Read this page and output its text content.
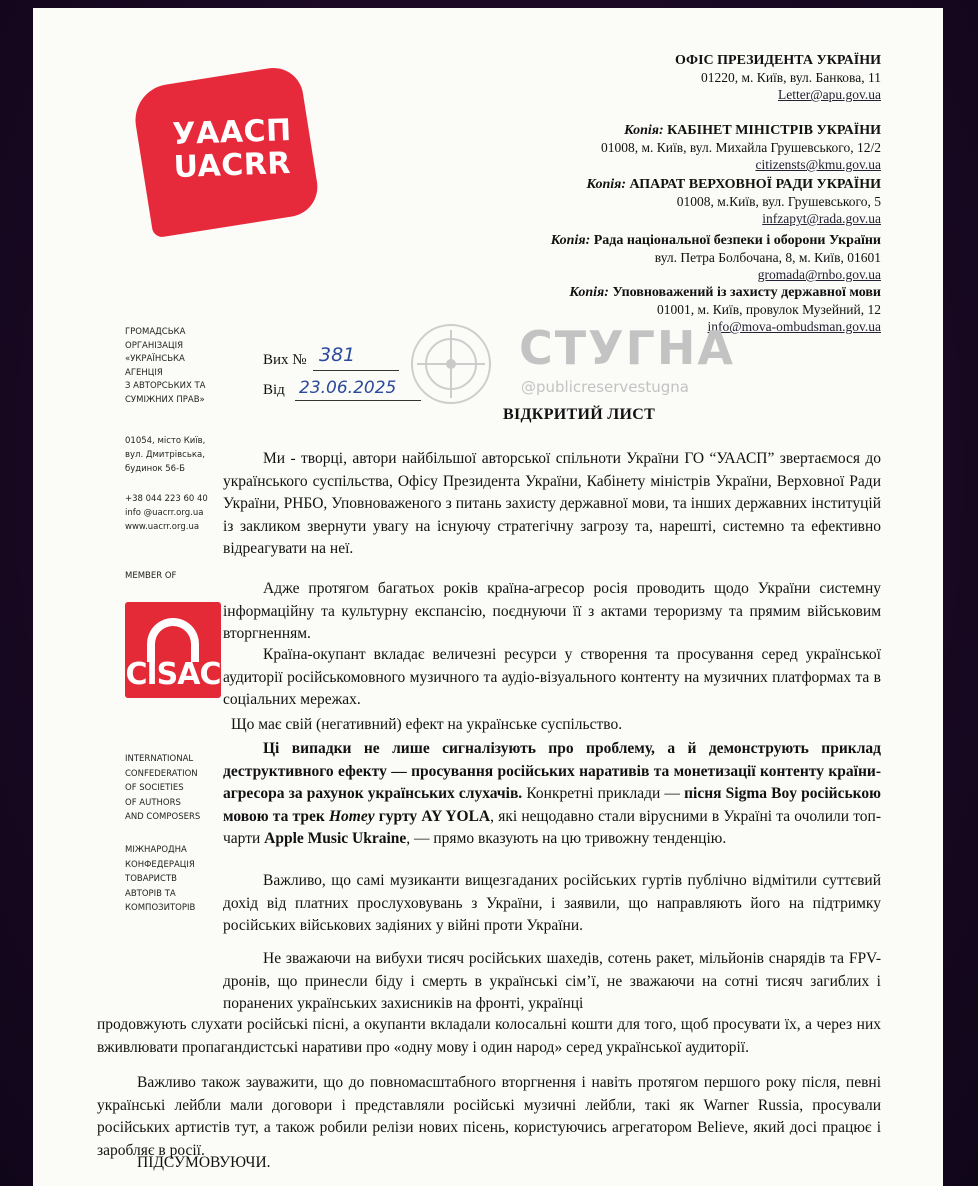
УААСП
UACRR

ОФІС ПРЕЗИДЕНТА УКРАЇНИ

01220, м. Київ, вул. Банкова, 11

Letter@apu.gov.ua

Копія: КАБІНЕТ МІНІСТРІВ УКРАЇНИ

01008, м. Київ, вул. Михайла Грушевського, 12/2

citizensts@kmu.gov.ua

Копія: АПАРАТ ВЕРХОВНОЇ РАДИ УКРАЇНИ

01008, м.Київ, вул. Грушевського, 5

infzapyt@rada.gov.ua

Копія: Рада національної безпеки і оборони України

вул. Петра Болбочана, 8, м. Київ, 01601

gromada@rnbo.gov.ua

Копія: Уповноважений із захисту державної мови

01001, м. Київ, провулок Музейний, 12

info@mova-ombudsman.gov.ua

ГРОМАДСЬКА

ОРГАНІЗАЦІЯ

«УКРАЇНСЬКА

АГЕНЦІЯ

З АВТОРСЬКИХ ТА

СУМІЖНИХ ПРАВ»

01054, місто Київ,

вул. Дмитрівська,

будинок 56-Б

+38 044 223 60 40

info @uacrr.org.ua

www.uacrr.org.ua

MEMBER OF

CISAC

INTERNATIONAL

CONFEDERATION

OF SOCIETIES

OF AUTHORS

AND COMPOSERS

МІЖНАРОДНА

КОНФЕДЕРАЦІЯ

ТОВАРИСТВ

АВТОРІВ ТА

КОМПОЗИТОРІВ

Вих № 381
Від 23.06.2025

СТУГНА

@publicreservestugna

ВІДКРИТИЙ ЛИСТ

Ми - творці, автори найбільшої авторської спільноти України ГО “УААСП” звертаємося до українського суспільства, Офісу Президента України, Кабінету міністрів України, Верховної Ради України, РНБО, Уповноваженого з питань захисту державної мови, та інших державних інституцій із закликом звернути увагу на існуючу стратегічну загрозу та, нарешті, системно та ефективно відреагувати на неї.

Адже протягом багатьох років країна-агресор росія проводить щодо України системну інформаційну та культурну експансію, поєднуючи її з актами тероризму та прямим військовим вторгненням.

Країна-окупант вкладає величезні ресурси у створення та просування серед української аудиторії російськомовного музичного та аудіо-візуального контенту на музичних платформах та в соціальних мережах.

Що має свій (негативний) ефект на українське суспільство.

Ці випадки не лише сигналізують про проблему, а й демонструють приклад деструктивного ефекту — просування російських наративів та монетизації контенту країни-агресора за рахунок українських слухачів. Конкретні приклади — пісня Sigma Boy російською мовою та трек Homey гурту AY YOLA, які нещодавно стали вірусними в Україні та очолили топ-чарти Apple Music Ukraine, — прямо вказують на цю тривожну тенденцію.

Важливо, що самі музиканти вищезгаданих російських гуртів публічно відмітили суттєвий дохід від платних прослуховувань з України, і заявили, що направляють його на підтримку російських військових задіяних у війні проти України.

Не зважаючи на вибухи тисяч російських шахедів, сотень ракет, мільйонів снарядів та FPV-дронів, що принесли біду і смерть в українські сім’ї, не зважаючи на сотні тисяч загиблих і поранених українських захисників на фронті, українці

продовжують слухати російські пісні, а окупанти вкладали колосальні кошти для того, щоб просувати їх, а через них вживлювати пропагандистські наративи про «одну мову і один народ» серед української аудиторії.

Важливо також зауважити, що до повномасштабного вторгнення і навіть протягом першого року після, певні українські лейбли мали договори і представляли російські музичні лейбли, такі як Warner Russia, просували російських артистів тут, а також робили релізи нових пісень, користуючись агрегатором Believe, який досі працює і заробляє в росії.

ПІДСУМОВУЮЧИ.
